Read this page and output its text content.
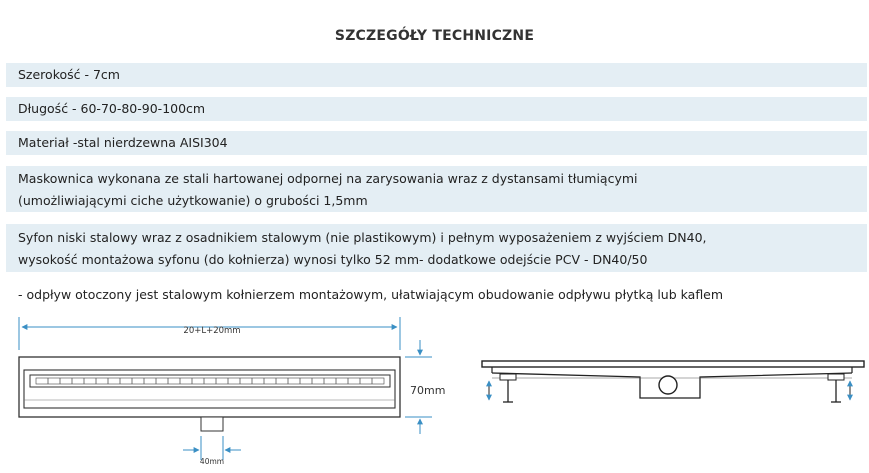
SZCZEGÓŁY TECHNICZNE
Szerokość - 7cm
Długość - 60-70-80-90-100cm
Materiał -stal nierdzewna AISI304
Maskownica wykonana ze stali hartowanej odpornej na zarysowania wraz z dystansami tłumiącymi
(umożliwiającymi ciche użytkowanie) o grubości 1,5mm
Syfon niski stalowy wraz z osadnikiem stalowym (nie plastikowym) i pełnym wyposażeniem z wyjściem DN40,
wysokość montażowa syfonu (do kołnierza) wynosi tylko 52 mm- dodatkowe odejście PCV - DN40/50
- odpływ otoczony jest stalowym kołnierzem montażowym, ułatwiającym obudowanie odpływu płytką lub kaflem
20+L+20mm
70mm
40mm
